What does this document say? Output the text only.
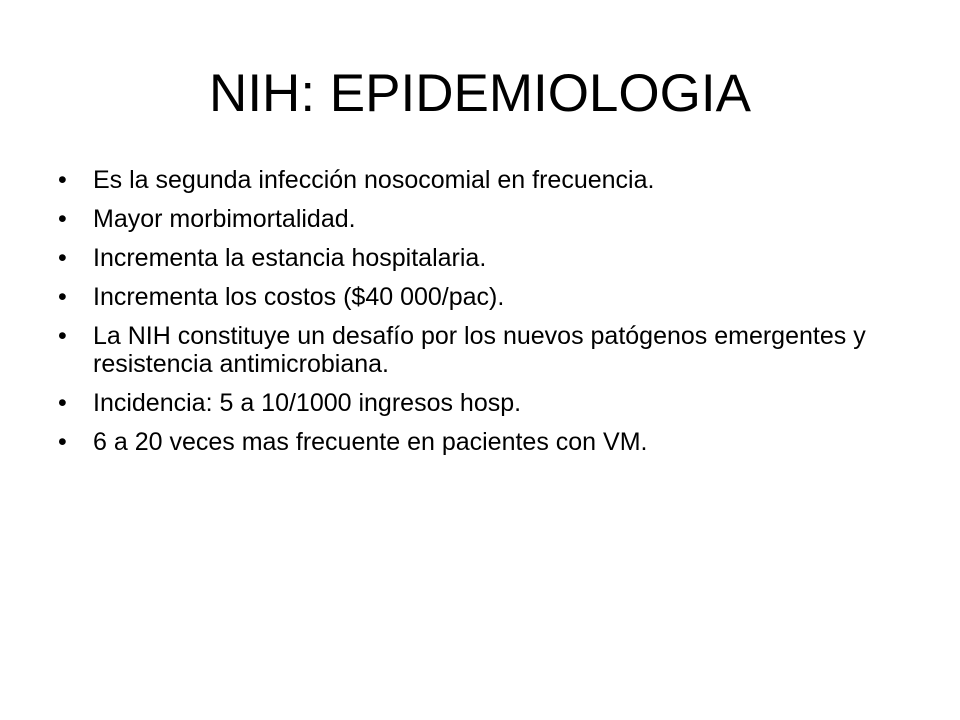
NIH: EPIDEMIOLOGIA
•	Es la segunda infección nosocomial en frecuencia.
•	Mayor morbimortalidad.
•	Incrementa la estancia hospitalaria.
•	Incrementa los costos ($40 000/pac).
•	La NIH constituye un desafío por los nuevos patógenos emergentes y resistencia antimicrobiana.
•	Incidencia: 5 a 10/1000 ingresos hosp.
•	6 a 20 veces mas frecuente en pacientes con VM.
